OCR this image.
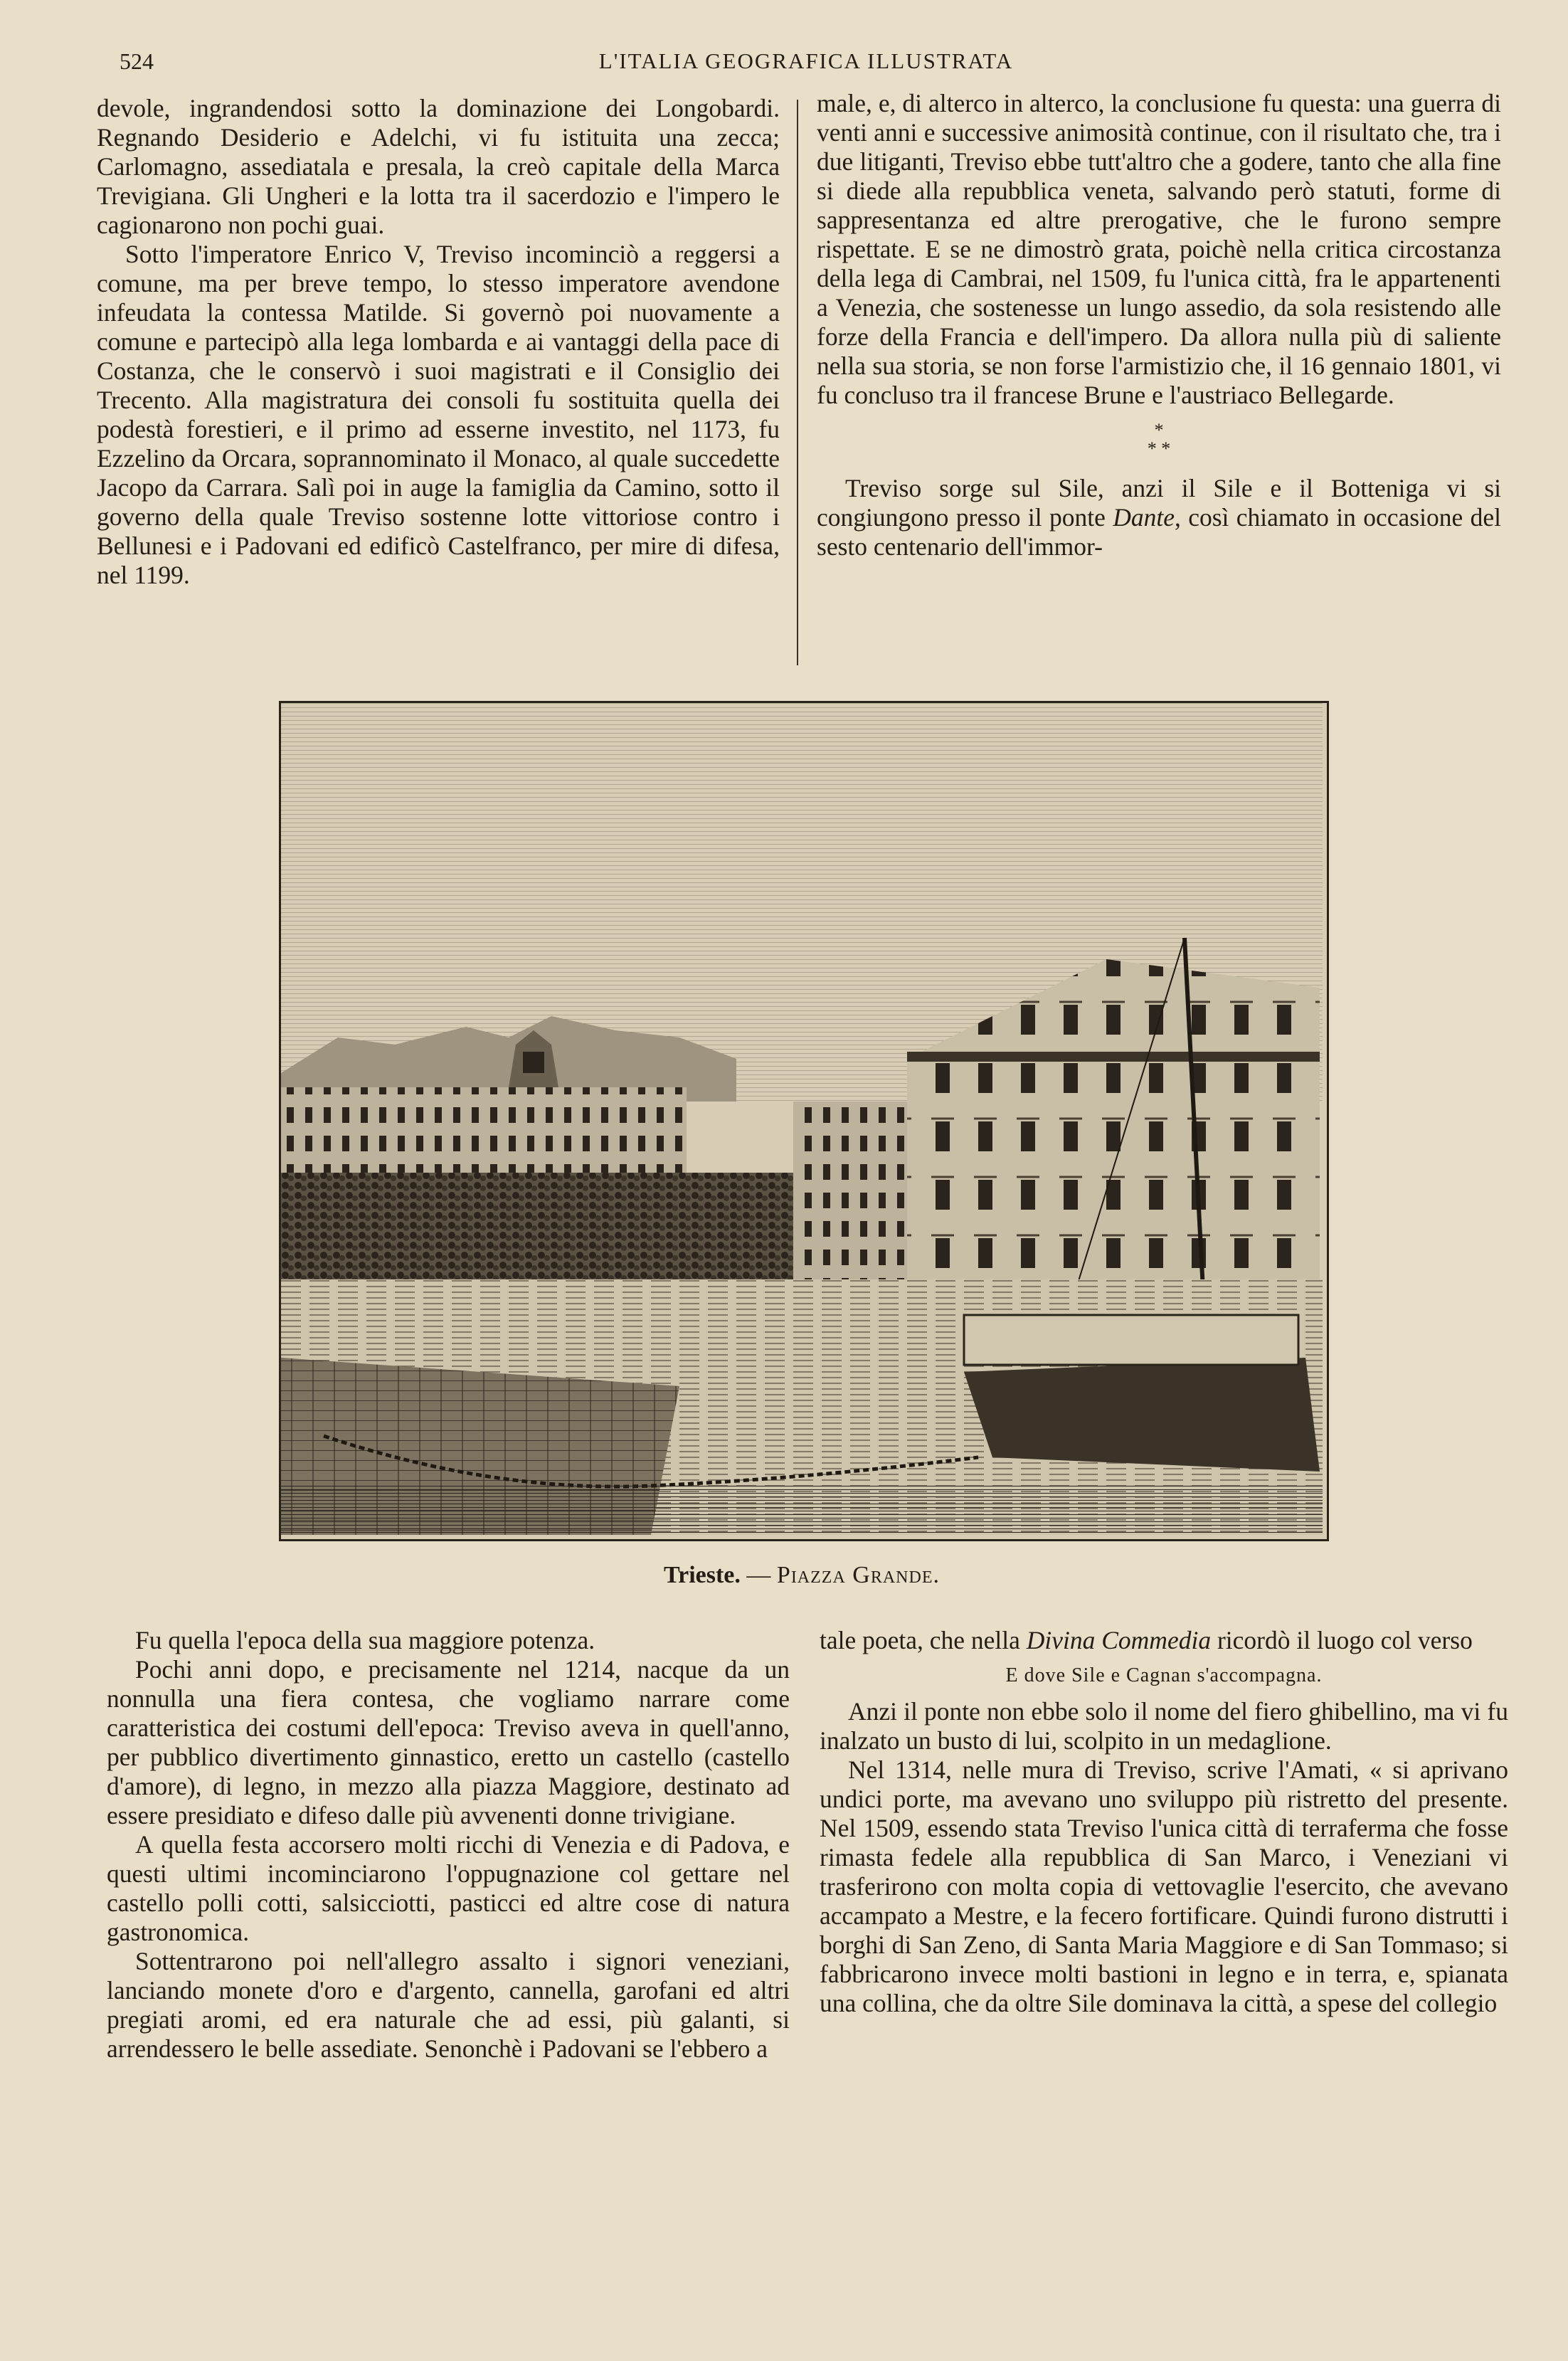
524	L'ITALIA GEOGRAFICA ILLUSTRATA

devole, ingrandendosi sotto la dominazione dei Longobardi. Regnando Desiderio e Adelchi, vi fu istituita una zecca; Carlomagno, assediatala e presala, la creò capitale della Marca Trevigiana. Gli Ungheri e la lotta tra il sacerdozio e l'impero le cagionarono non pochi guai.

Sotto l'imperatore Enrico V, Treviso incominciò a reggersi a comune, ma per breve tempo, lo stesso imperatore avendone infeudata la contessa Matilde. Si governò poi nuovamente a comune e partecipò alla lega lombarda e ai vantaggi della pace di Costanza, che le conservò i suoi magistrati e il Consiglio dei Trecento. Alla magistratura dei consoli fu sostituita quella dei podestà forestieri, e il primo ad esserne investito, nel 1173, fu Ezzelino da Orcara, soprannominato il Monaco, al quale succedette Jacopo da Carrara. Salì poi in auge la famiglia da Camino, sotto il governo della quale Treviso sostenne lotte vittoriose contro i Bellunesi e i Padovani ed edificò Castelfranco, per mire di difesa, nel 1199.

male, e, di alterco in alterco, la conclusione fu questa: una guerra di venti anni e successive animosità continue, con il risultato che, tra i due litiganti, Treviso ebbe tutt'altro che a godere, tanto che alla fine si diede alla repubblica veneta, salvando però statuti, forme di sappresentanza ed altre prerogative, che le furono sempre rispettate. E se ne dimostrò grata, poichè nella critica circostanza della lega di Cambrai, nel 1509, fu l'unica città, fra le appartenenti a Venezia, che sostenesse un lungo assedio, da sola resistendo alle forze della Francia e dell'impero. Da allora nulla più di saliente nella sua storia, se non forse l'armistizio che, il 16 gennaio 1801, vi fu concluso tra il francese Brune e l'austriaco Bellegarde.

*
* *

Treviso sorge sul Sile, anzi il Sile e il Botteniga vi si congiungono presso il ponte Dante, così chiamato in occasione del sesto centenario dell'immor-

Trieste. — Piazza Grande.

Fu quella l'epoca della sua maggiore potenza.

Pochi anni dopo, e precisamente nel 1214, nacque da un nonnulla una fiera contesa, che vogliamo narrare come caratteristica dei costumi dell'epoca: Treviso aveva in quell'anno, per pubblico divertimento ginnastico, eretto un castello (castello d'amore), di legno, in mezzo alla piazza Maggiore, destinato ad essere presidiato e difeso dalle più avvenenti donne trivigiane.

A quella festa accorsero molti ricchi di Venezia e di Padova, e questi ultimi incominciarono l'oppugnazione col gettare nel castello polli cotti, salsicciotti, pasticci ed altre cose di natura gastronomica.

Sottentrarono poi nell'allegro assalto i signori veneziani, lanciando monete d'oro e d'argento, cannella, garofani ed altri pregiati aromi, ed era naturale che ad essi, più galanti, si arrendessero le belle assediate. Senonchè i Padovani se l'ebbero a

tale poeta, che nella Divina Commedia ricordò il luogo col verso

E dove Sile e Cagnan s'accompagna.

Anzi il ponte non ebbe solo il nome del fiero ghibellino, ma vi fu inalzato un busto di lui, scolpito in un medaglione.

Nel 1314, nelle mura di Treviso, scrive l'Amati, « si aprivano undici porte, ma avevano uno sviluppo più ristretto del presente. Nel 1509, essendo stata Treviso l'unica città di terraferma che fosse rimasta fedele alla repubblica di San Marco, i Veneziani vi trasferirono con molta copia di vettovaglie l'esercito, che avevano accampato a Mestre, e la fecero fortificare. Quindi furono distrutti i borghi di San Zeno, di Santa Maria Maggiore e di San Tommaso; si fabbricarono invece molti bastioni in legno e in terra, e, spianata una collina, che da oltre Sile dominava la città, a spese del collegio
